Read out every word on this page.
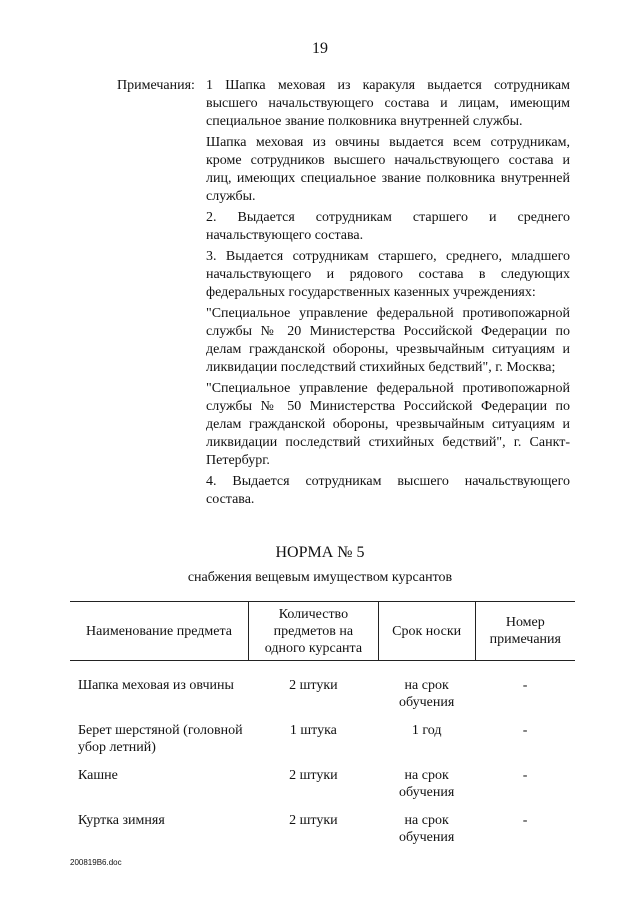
19
Примечания: 1 Шапка меховая из каракуля выдается сотрудникам высшего начальствующего состава и лицам, имеющим специальное звание полковника внутренней службы.

Шапка меховая из овчины выдается всем сотрудникам, кроме сотрудников высшего начальствующего состава и лиц, имеющих специальное звание полковника внутренней службы.

2. Выдается сотрудникам старшего и среднего начальствующего состава.

3. Выдается сотрудникам старшего, среднего, младшего начальствующего и рядового состава в следующих федеральных государственных казенных учреждениях:

"Специальное управление федеральной противопожарной службы № 20 Министерства Российской Федерации по делам гражданской обороны, чрезвычайным ситуациям и ликвидации последствий стихийных бедствий", г. Москва;

"Специальное управление федеральной противопожарной службы № 50 Министерства Российской Федерации по делам гражданской обороны, чрезвычайным ситуациям и ликвидации последствий стихийных бедствий", г. Санкт-Петербург.

4. Выдается сотрудникам высшего начальствующего состава.

НОРМА № 5
снабжения вещевым имуществом курсантов
Наименование предмета	Количество предметов на одного курсанта	Срок носки	Номер примечания
Шапка меховая из овчины	2 штуки	на срок обучения	-
Берет шерстяной (головной убор летний)	1 штука	1 год	-
Кашне	2 штуки	на срок обучения	-
Куртка зимняя	2 штуки	на срок обучения	-
200819B6.doc
